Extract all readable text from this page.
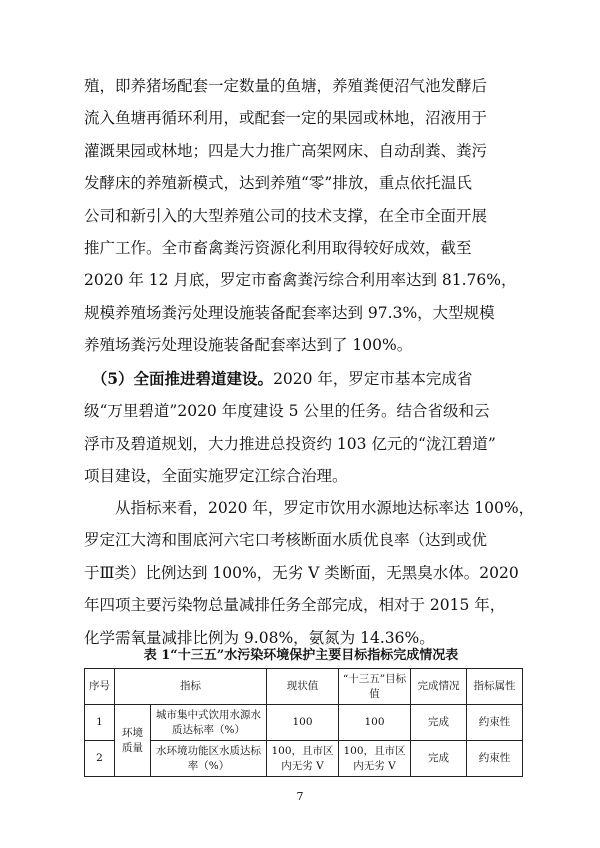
殖，即养猪场配套一定数量的鱼塘，养殖粪便沼气池发酵后
流入鱼塘再循环利用，或配套一定的果园或林地，沼液用于
灌溉果园或林地；四是大力推广高架网床、自动刮粪、粪污
发酵床的养殖新模式，达到养殖“零”排放，重点依托温氏
公司和新引入的大型养殖公司的技术支撑，在全市全面开展
推广工作。全市畜禽粪污资源化利用取得较好成效，截至
2020 年 12 月底，罗定市畜禽粪污综合利用率达到 81.76%，
规模养殖场粪污处理设施装备配套率达到 97.3%，大型规模
养殖场粪污处理设施装备配套率达到了 100%。
　（5）全面推进碧道建设。2020 年，罗定市基本完成省
级“万里碧道”2020 年度建设 5 公里的任务。结合省级和云
浮市及碧道规划，大力推进总投资约 103 亿元的“泷江碧道”
项目建设，全面实施罗定江综合治理。
　　从指标来看，2020 年，罗定市饮用水源地达标率达 100%，
罗定江大湾和围底河六宅口考核断面水质优良率（达到或优
于Ⅲ类）比例达到 100%，无劣 V 类断面，无黑臭水体。2020
年四项主要污染物总量减排任务全部完成，相对于 2015 年，
化学需氧量减排比例为 9.08%，氨氮为 14.36%。
表 1“十三五”水污染环境保护主要目标指标完成情况表
序号	指标		现状值	“十三五”目标值	完成情况	指标属性
1	环境质量	城市集中式饮用水源水质达标率（%）	100	100	完成	约束性
2		水环境功能区水质达标率（%）	100，且市区内无劣 V	100，且市区内无劣 V	完成	约束性
7
